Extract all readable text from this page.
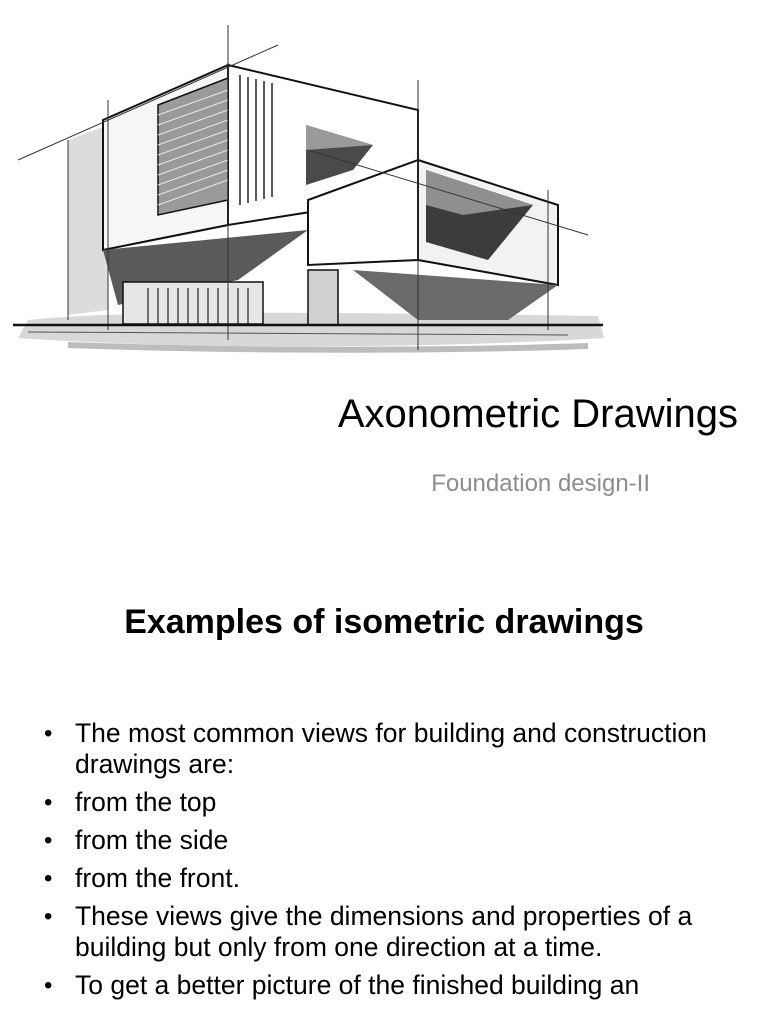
Axonometric Drawings
Foundation design-II
Examples of isometric drawings
• The most common views for building and construction drawings are:
• from the top
• from the side
• from the front.
• These views give the dimensions and properties of a building but only from one direction at a time.
• To get a better picture of the finished building an
